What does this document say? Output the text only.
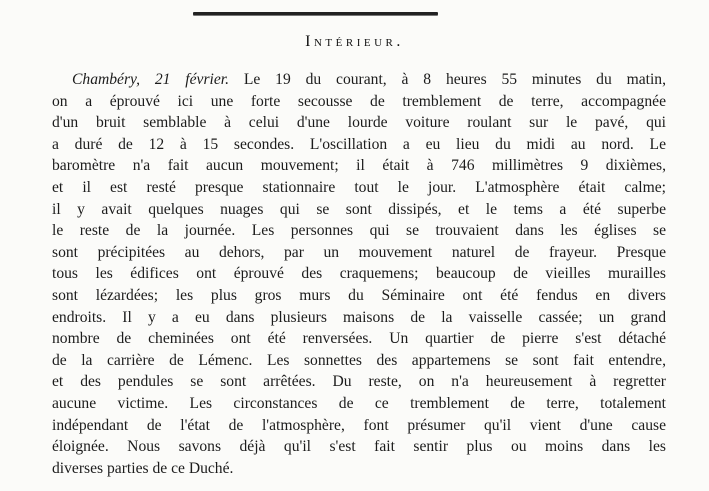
Intérieur.
Chambéry, 21 février. Le 19 du courant, à 8 heures 55 minutes du matin,
on a éprouvé ici une forte secousse de tremblement de terre, accompagnée
d'un bruit semblable à celui d'une lourde voiture roulant sur le pavé, qui
a duré de 12 à 15 secondes. L'oscillation a eu lieu du midi au nord. Le
baromètre n'a fait aucun mouvement; il était à 746 millimètres 9 dixièmes,
et il est resté presque stationnaire tout le jour. L'atmosphère était calme;
il y avait quelques nuages qui se sont dissipés, et le tems a été superbe
le reste de la journée. Les personnes qui se trouvaient dans les églises se
sont précipitées au dehors, par un mouvement naturel de frayeur. Presque
tous les édifices ont éprouvé des craquemens; beaucoup de vieilles murailles
sont lézardées; les plus gros murs du Séminaire ont été fendus en divers
endroits. Il y a eu dans plusieurs maisons de la vaisselle cassée; un grand
nombre de cheminées ont été renversées. Un quartier de pierre s'est détaché
de la carrière de Lémenc. Les sonnettes des appartemens se sont fait entendre,
et des pendules se sont arrêtées. Du reste, on n'a heureusement à regretter
aucune victime. Les circonstances de ce tremblement de terre, totalement
indépendant de l'état de l'atmosphère, font présumer qu'il vient d'une cause
éloignée. Nous savons déjà qu'il s'est fait sentir plus ou moins dans les
diverses parties de ce Duché.
